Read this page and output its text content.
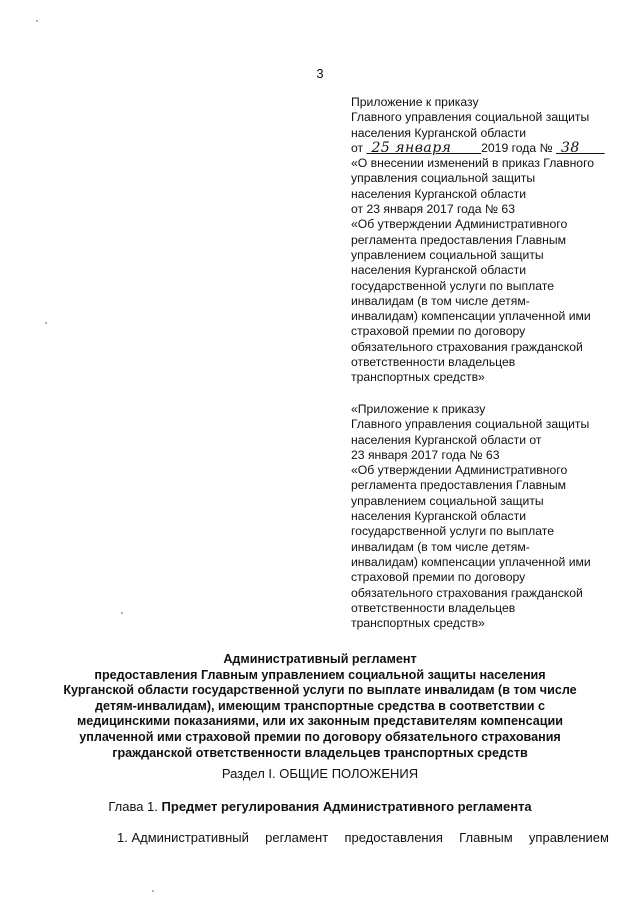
3
Приложение к приказу
Главного управления социальной защиты
населения Курганской области
от 25 января 2019 года № 38
«О внесении изменений в приказ Главного
управления социальной защиты
населения Курганской области
от 23 января 2017 года № 63
«Об утверждении Административного
регламента предоставления Главным
управлением социальной защиты
населения Курганской области
государственной услуги по выплате
инвалидам (в том числе детям-
инвалидам) компенсации уплаченной ими
страховой премии по договору
обязательного страхования гражданской
ответственности владельцев
транспортных средств»
«Приложение к приказу
Главного управления социальной защиты
населения Курганской области от
23 января 2017 года № 63
«Об утверждении Административного
регламента предоставления Главным
управлением социальной защиты
населения Курганской области
государственной услуги по выплате
инвалидам (в том числе детям-
инвалидам) компенсации уплаченной ими
страховой премии по договору
обязательного страхования гражданской
ответственности владельцев
транспортных средств»
Административный регламент
предоставления Главным управлением социальной защиты населения
Курганской области государственной услуги по выплате инвалидам (в том числе
детям-инвалидам), имеющим транспортные средства в соответствии с
медицинскими показаниями, или их законным представителям компенсации
уплаченной ими страховой премии по договору обязательного страхования
гражданской ответственности владельцев транспортных средств
Раздел I. ОБЩИЕ ПОЛОЖЕНИЯ
Глава 1. Предмет регулирования Административного регламента
1. Административный регламент предоставления Главным управлением
